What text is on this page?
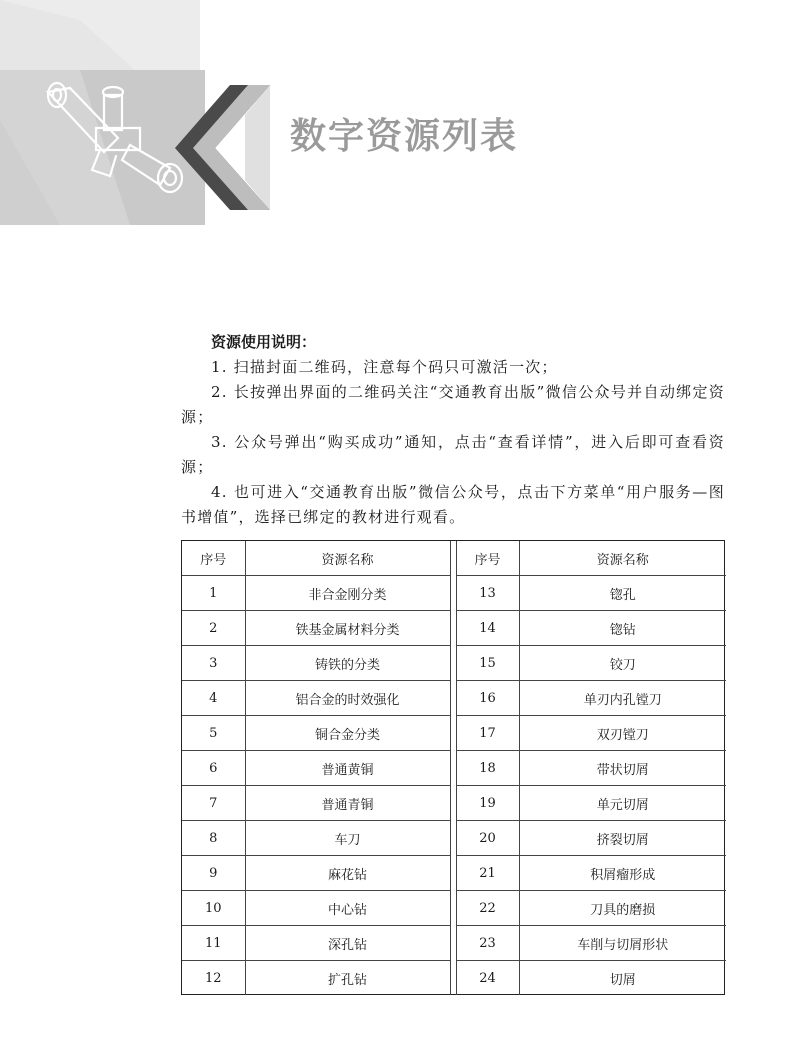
数字资源列表
资源使用说明：

1. 扫描封面二维码，注意每个码只可激活一次；

2. 长按弹出界面的二维码关注“交通教育出版”微信公众号并自动绑定资源；

3. 公众号弹出“购买成功”通知，点击“查看详情”，进入后即可查看资源；

4. 也可进入“交通教育出版”微信公众号，点击下方菜单“用户服务—图书增值”，选择已绑定的教材进行观看。

序号	资源名称		序号	资源名称
1	非合金刚分类		13	锪孔
2	铁基金属材料分类		14	锪钻
3	铸铁的分类		15	铰刀
4	铝合金的时效强化		16	单刃内孔镗刀
5	铜合金分类		17	双刃镗刀
6	普通黄铜		18	带状切屑
7	普通青铜		19	单元切屑
8	车刀		20	挤裂切屑
9	麻花钻		21	积屑瘤形成
10	中心钻		22	刀具的磨损
11	深孔钻		23	车削与切屑形状
12	扩孔钻		24	切屑
